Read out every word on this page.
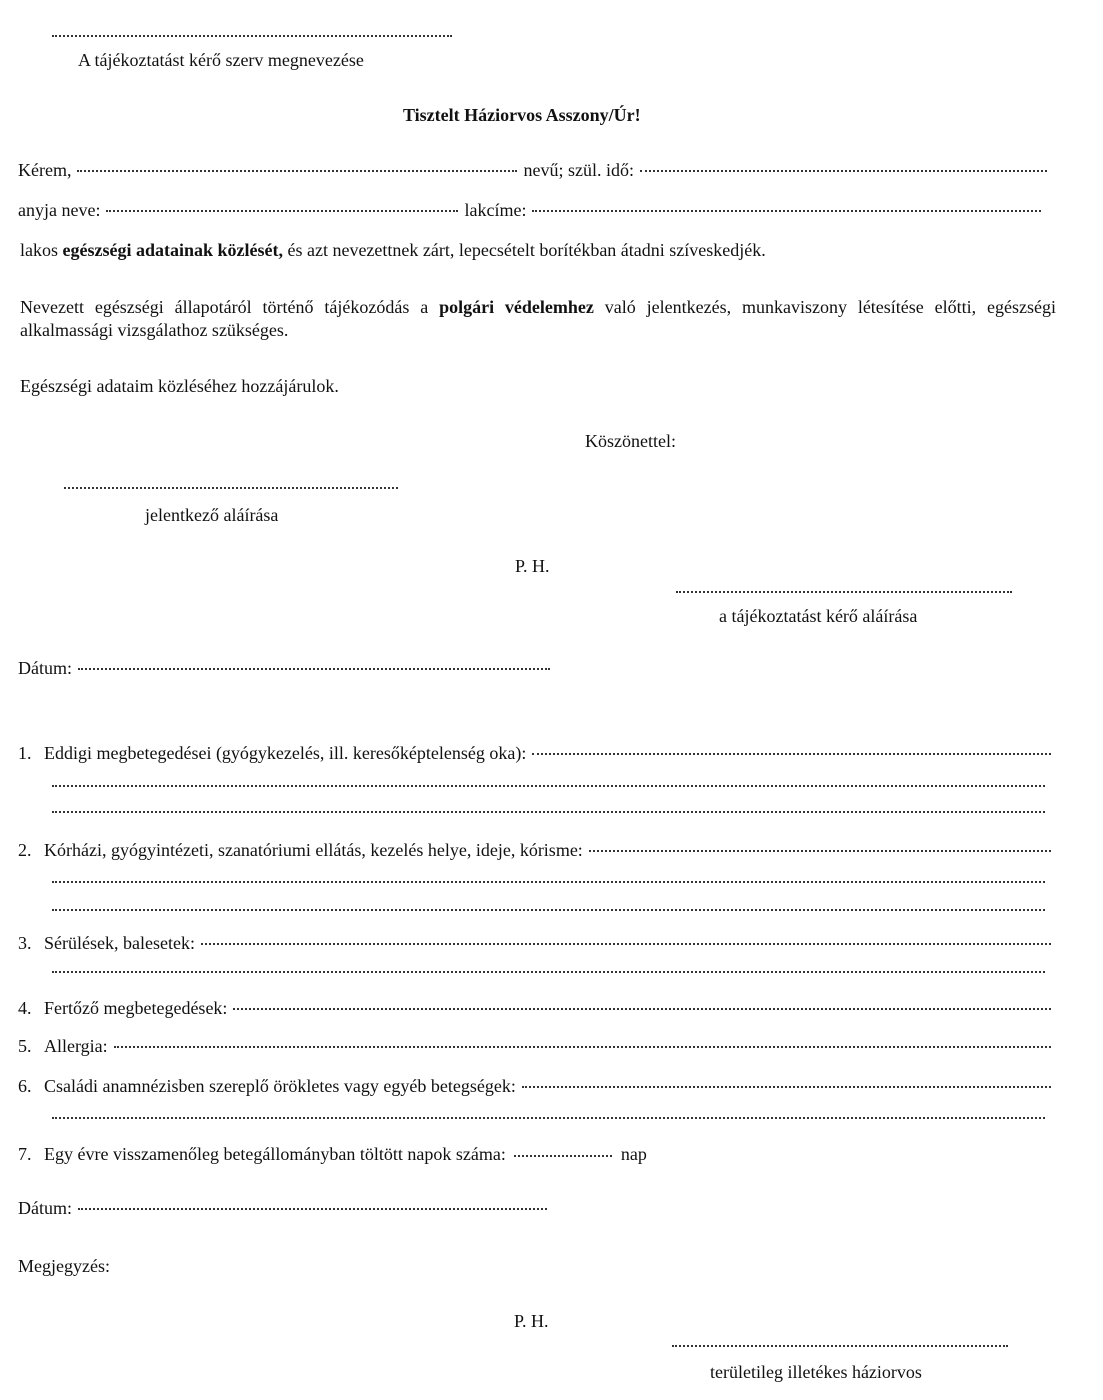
A tájékoztatást kérő szerv megnevezése
Tisztelt Háziorvos Asszony/Úr!
Kérem,	nevű; szül. idő:
anyja neve:	lakcíme:
lakos egészségi adatainak közlését, és azt nevezettnek zárt, lepecsételt borítékban átadni szíveskedjék.
Nevezett egészségi állapotáról történő tájékozódás a polgári védelemhez való jelentkezés, munkaviszony létesítése előtti, egészségi alkalmassági vizsgálathoz szükséges.
Egészségi adataim közléséhez hozzájárulok.
Köszönettel:
jelentkező aláírása
P. H.
a tájékoztatást kérő aláírása
Dátum:
1. Eddigi megbetegedései (gyógykezelés, ill. keresőképtelenség oka):
2. Kórházi, gyógyintézeti, szanatóriumi ellátás, kezelés helye, ideje, kórisme:
3. Sérülések, balesetek:
4. Fertőző megbetegedések:
5. Allergia:
6. Családi anamnézisben szereplő örökletes vagy egyéb betegségek:
7. Egy évre visszamenőleg betegállományban töltött napok száma:	nap
Dátum:
Megjegyzés:
P. H.
területileg illetékes háziorvos
